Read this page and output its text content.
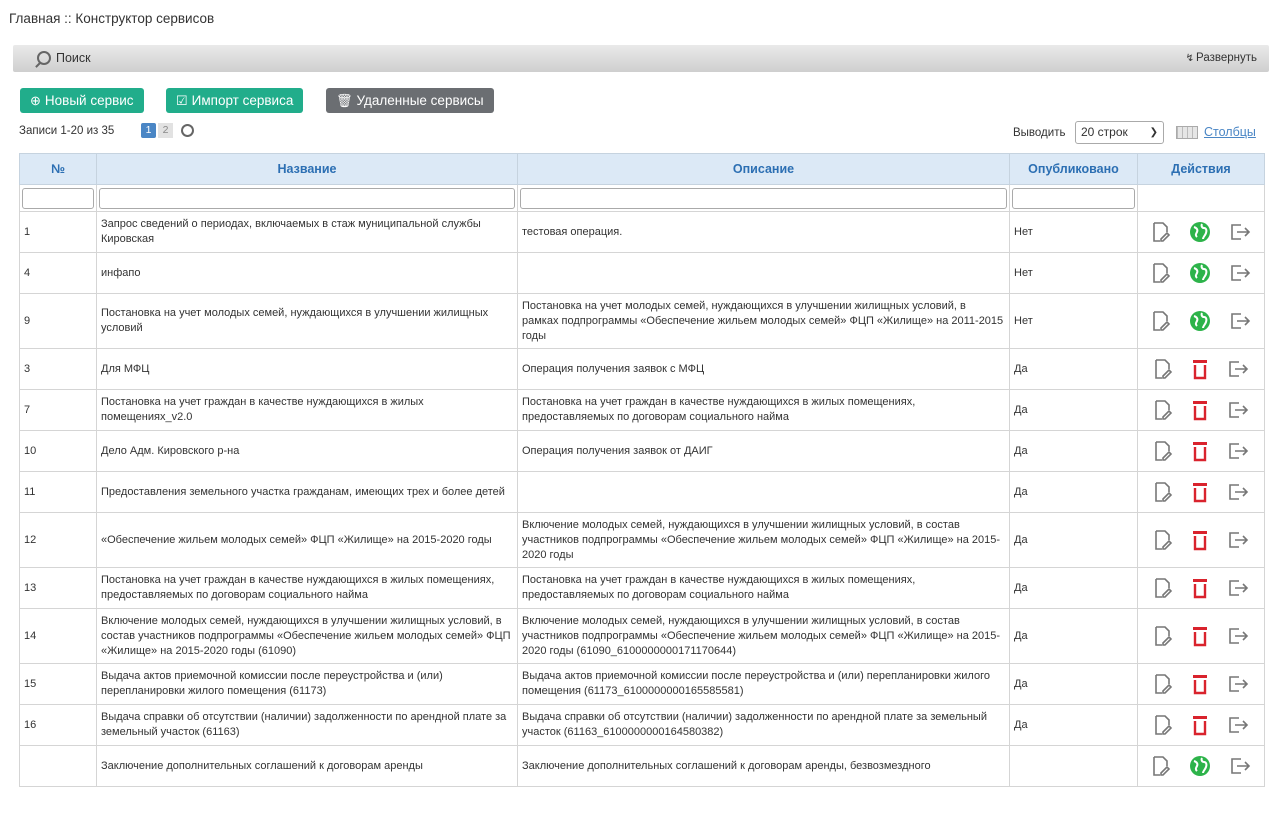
Главная :: Конструктор сервисов
Поиск	↯ Развернуть
⊕ Новый сервис	☑ Импорт сервиса	🗑 Удаленные сервисы
Записи 1-20 из 35	1	2	Выводить	20 строк ❯	Столбцы
№	Название	Описание	Опубликовано	Действия

1	Запрос сведений о периодах, включаемых в стаж муниципальной службы Кировская	тестовая операция.	Нет	

4	инфапо		Нет	

9	Постановка на учет молодых семей, нуждающихся в улучшении жилищных условий	Постановка на учет молодых семей, нуждающихся в улучшении жилищных условий, в рамках подпрограммы «Обеспечение жильем молодых семей» ФЦП «Жилище» на 2011-2015 годы	Нет	

3	Для МФЦ	Операция получения заявок с МФЦ	Да	

7	Постановка на учет граждан в качестве нуждающихся в жилых помещениях_v2.0	Постановка на учет граждан в качестве нуждающихся в жилых помещениях, предоставляемых по договорам социального найма	Да	

10	Дело Адм. Кировского р-на	Операция получения заявок от ДАИГ	Да	

11	Предоставления земельного участка гражданам, имеющих трех и более детей		Да	

12	«Обеспечение жильем молодых семей» ФЦП «Жилище» на 2015-2020 годы	Включение молодых семей, нуждающихся в улучшении жилищных условий, в состав участников подпрограммы «Обеспечение жильем молодых семей» ФЦП «Жилище» на 2015-2020 годы	Да	

13	Постановка на учет граждан в качестве нуждающихся в жилых помещениях, предоставляемых по договорам социального найма	Постановка на учет граждан в качестве нуждающихся в жилых помещениях, предоставляемых по договорам социального найма	Да	

14	Включение молодых семей, нуждающихся в улучшении жилищных условий, в состав участников подпрограммы «Обеспечение жильем молодых семей» ФЦП «Жилище» на 2015-2020 годы (61090)	Включение молодых семей, нуждающихся в улучшении жилищных условий, в состав участников подпрограммы «Обеспечение жильем молодых семей» ФЦП «Жилище» на 2015-2020 годы (61090_6100000000171170644)	Да	

15	Выдача актов приемочной комиссии после переустройства и (или) перепланировки жилого помещения (61173)	Выдача актов приемочной комиссии после переустройства и (или) перепланировки жилого помещения (61173_6100000000165585581)	Да	

16	Выдача справки об отсутствии (наличии) задолженности по арендной плате за земельный участок (61163)	Выдача справки об отсутствии (наличии) задолженности по арендной плате за земельный участок (61163_6100000000164580382)	Да	

	Заключение дополнительных соглашений к договорам аренды	Заключение дополнительных соглашений к договорам аренды, безвозмездного		
